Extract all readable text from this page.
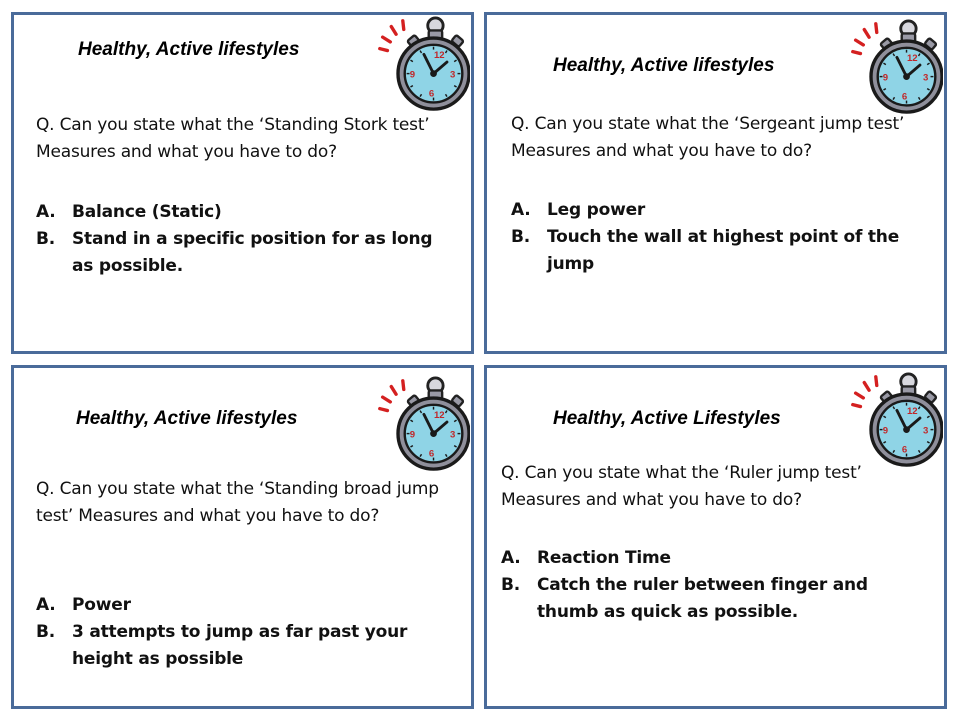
Healthy, Active lifestyles
Q. Can you state what the ‘Standing Stork test’ Measures and what you have to do?
A. Balance (Static)
B. Stand in a specific position for as long as possible.
12
3
6
9	Healthy, Active lifestyles
Q. Can you state what the ‘Sergeant jump test’ Measures and what you have to do?
A. Leg power
B. Touch the wall at highest point of the jump
12
3
6
9
Healthy, Active lifestyles
Q. Can you state what the ‘Standing broad jump test’ Measures and what you have to do?
A. Power
B. 3 attempts to jump as far past your height as possible
12
3
6
9
Healthy, Active Lifestyles
Q. Can you state what the ‘Ruler jump test’ Measures and what you have to do?
A. Reaction Time
B. Catch the ruler between finger and thumb as quick as possible.
12
3
6
9
